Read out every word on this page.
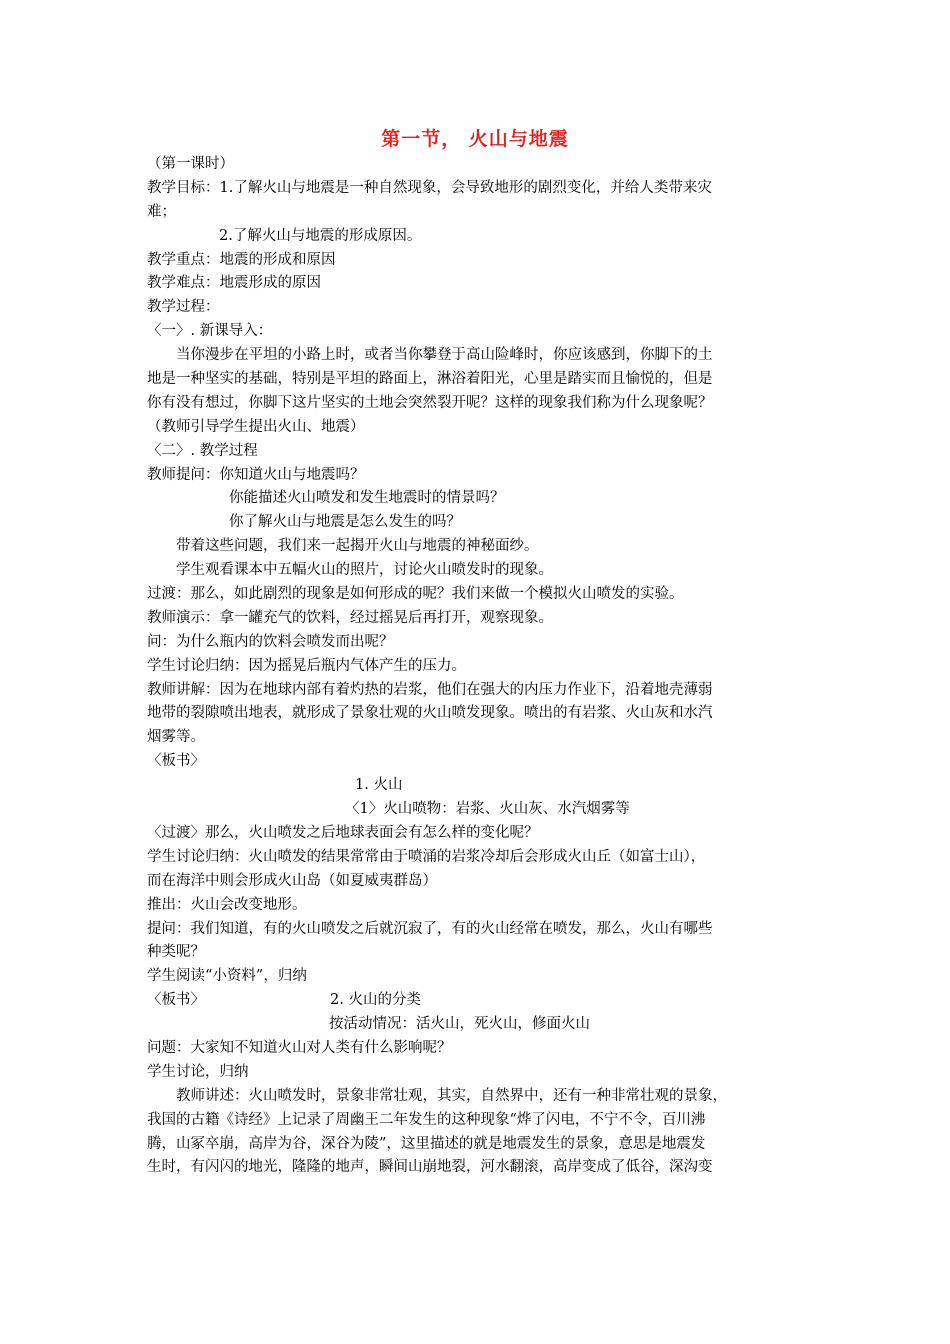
第一节， 火山与地震
（第一课时）
教学目标：1.了解火山与地震是一种自然现象，会导致地形的剧烈变化，并给人类带来灾
难；
2.了解火山与地震的形成原因。
教学重点：地震的形成和原因
教学难点：地震形成的原因
教学过程：
〈一〉. 新课导入：
当你漫步在平坦的小路上时，或者当你攀登于高山险峰时，你应该感到，你脚下的土
地是一种坚实的基础，特别是平坦的路面上，淋浴着阳光，心里是踏实而且愉悦的，但是
你有没有想过，你脚下这片坚实的土地会突然裂开呢？这样的现象我们称为什么现象呢？
（教师引导学生提出火山、地震）
〈二〉. 教学过程
教师提问：你知道火山与地震吗？
你能描述火山喷发和发生地震时的情景吗？
你了解火山与地震是怎么发生的吗？
带着这些问题，我们来一起揭开火山与地震的神秘面纱。
学生观看课本中五幅火山的照片，讨论火山喷发时的现象。
过渡：那么，如此剧烈的现象是如何形成的呢？我们来做一个模拟火山喷发的实验。
教师演示：拿一罐充气的饮料，经过摇晃后再打开，观察现象。
问：为什么瓶内的饮料会喷发而出呢？
学生讨论归纳：因为摇晃后瓶内气体产生的压力。
教师讲解：因为在地球内部有着灼热的岩浆，他们在强大的内压力作业下，沿着地壳薄弱
地带的裂隙喷出地表，就形成了景象壮观的火山喷发现象。喷出的有岩浆、火山灰和水汽
烟雾等。
〈板书〉
1. 火山
〈1〉火山喷物：岩浆、火山灰、水汽烟雾等
〈过渡〉那么，火山喷发之后地球表面会有怎么样的变化呢？
学生讨论归纳：火山喷发的结果常常由于喷涌的岩浆冷却后会形成火山丘（如富士山），
而在海洋中则会形成火山岛（如夏威夷群岛）
推出：火山会改变地形。
提问：我们知道，有的火山喷发之后就沉寂了，有的火山经常在喷发，那么，火山有哪些
种类呢？
学生阅读“小资料”，归纳
〈板书〉	2. 火山的分类
按活动情况：活火山，死火山，修面火山
问题：大家知不知道火山对人类有什么影响呢？
学生讨论，归纳
教师讲述：火山喷发时，景象非常壮观，其实，自然界中，还有一种非常壮观的景象，
我国的古籍《诗经》上记录了周幽王二年发生的这种现象“烨了闪电，不宁不令，百川沸
腾，山冢卒崩，高岸为谷，深谷为陵”，这里描述的就是地震发生的景象，意思是地震发
生时，有闪闪的地光，隆隆的地声，瞬间山崩地裂，河水翻滚，高岸变成了低谷，深沟变
